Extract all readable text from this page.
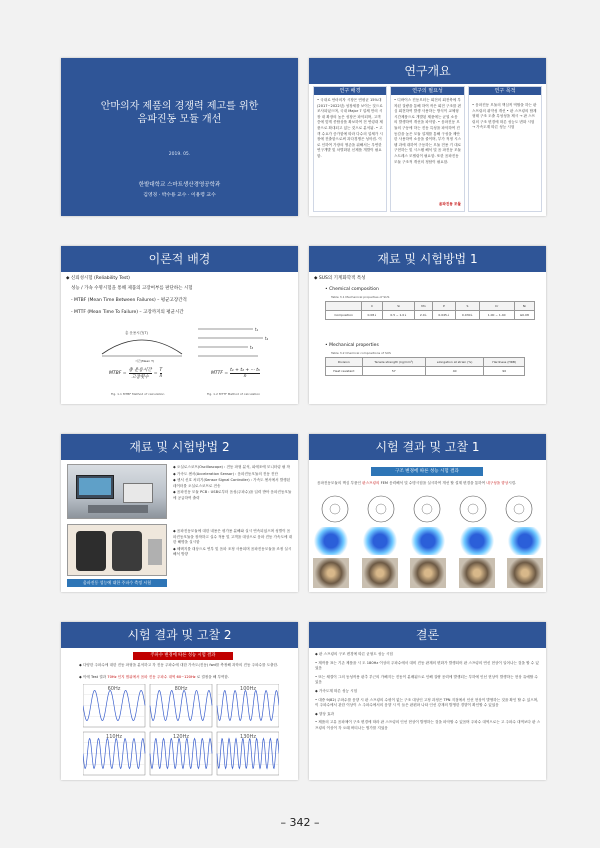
안마의자 제품의 경쟁력 제고를 위한
음파진동 모듈 개선
2019. 05.
한밭대학교 스마트생산경영공학과
김영경 · 박수용 교수 · 이용령 교수
연구개요
연구 배경
• 국내로 안마의자 시장은 연평균 15%대 (2017~2022년) 성장세를 보이는 것으로 조사되었으며, 국내 Major 7 업체 만의 시장 내 확장의 높은 성장은 파악되며, 고객층에 맞게 종합상품 확보하여 전 연령대 제품으로 확대되고 있는 것으로 분석됨. • 고객 수요가 증가함에 따라 다수의 업체가 시장에 진출함으로써 과다경쟁은 성아짐. 이로 인하여 가장의 생존을 위해서는 우연한 연구개발 및 차별화된 신제품 개발이 필요함.
연구의 필요성
• 디바이스 진동모터는 회전의 회전축에 부착된 질량을 통해 하여 작은 회전 구조를 편심 회전하여 발생 사용하는 방식이 교체형 시간제품으로 개발된 제품에는 균열 소음의 발생하여 개선을 파악함. • 음파진동 모듈의 구동에 하는 진동 특성을 파악하여 진동감을 높은 모듈 설계를 통해 구성을 제안한 사용하여 소음을 줄이며, 부가 적정 시스템 과에 대하여 구동하는 모듈 전용 기 대로 구현하는 및 시스템 해석 및 음 파진동 모듈 스트레스 모델링이 필요함. 또한 음파진동 모듈 구조적 개선의 정답이 필요함.
음파진동 모듈
연구 목적
• 음파진동 모듈의 핵심적 역할을 하는 판 스프링의 취약성 개선 • 판 스프링의 합계형태 구조 도출 특성성을 제시 → 판 스프링의 구조 변경에 따른 성능도 변화 시험 → 가속도계 따른 성능 시험
이론적 배경
◆ 신뢰성시험 (Reliability Test)
성능 / 가속 수명시험을 통해 제품의 고장여부를 판단하는 시험
- MTBF (Mean Time Between Failures) – 평균고장간격
- MTTF (Mean Time To Failure) – 고장까지의 평균시간
총 운용시간(T)
시간(Mean T)
t₁
t₂
t₃
MTBF =
총 운용시간
고장횟수
= $\frac{T}{n}$	MTTF = $\frac{\text{t₁ + t₂ + ··· t₅}}{n}$
Fig. 1.1 MTBF Method of calculation	Fig. 1.2 MTTF Method of calculation
재료 및 시험방법 1
◆ SUS의 기계화학적 특성
• Chemical composition
Table 3.1 Mechanical properties of SUS
	C	Si	Mn	P	S	Cr	Ni
Composition	0.08↓	0.5 ~ 1.0↓	2.0↓	0.045↓	0.030↓	1.00 ~ 1.40	≤0.08
• Mechanical properties
Table 3.2 Chemical compositions of SUS
Division	Tensile strength (kg/mm²)	elongation at strain (%)	Hardness (HRB)
Heat resistant	57	40	90
재료 및 시험방법 2
음파진동 성능에 대한 주파수 측정 시험
◆ 오실로스코프(Oscilloscope) : 전동 파형 분석, 피에조에 모니터링 필 착
◆ 가속도 센서(Acceleration Sensor) : 음파진동모듈의 진동 진단
◆ 센서 신호 처리기(Sensor Signal Controller) : 가속도 센서에서 발생된 데이터를 오실로스코프로 전송
◆ 음파진동 모듈 PCB : USB로부터 음성(주파수)을 입력 받아 음파진동모듈에 공급하여 출력
◆ 음파진동모듈에 대한 내용은 평가용 분해와 실시 연속되었으며 성별이 음파진동모듈을 장착하고 실수 적용 및 고객을 대상으로 음파 진동 가속도에 대한 해명을 실시함
◆ 혜택지를 대상으로 연부 및 음파 조정 사용되며 음파진동모듈을 조정 실시 해석 방향
시험 결과 및 고찰 1
구조 변경에 따른 성능 시험 결과
음파진동모듈의 핵심 부품인 판스프링의 FEM 응력해석 및 수명시험을 실시하여 개선 할 설계 변경을 통하여 내구성을 향상시킴.
시험 결과 및 고찰 2
주파수 변경에 따른 성능 시험 결과
◆ 다양한 주파수에 대한 진동 파형을 분석하고 각 진동 주파수에 대한 가속도(진동) fwd를 측정해 과학의 진동 주파수를 도출한.
◆ 이에 Test 결과 70Hz 인지 범위에서 음파 진동 주파수 대역 60~120Hz 로 결정을 해 부여함.
60Hz	80Hz	100Hz
110Hz	120Hz	130Hz
결론
◆ 판 스프링의 구조 변경에 따른 균형도 성능 시험
• 재작품 표는 기존 제품을 시 도 180Hz 이상의 주파수에서 대비 진동 판재의 변화가 발생되어 판 스프링의 연신 현상이 일어나는 것을 할 수 있었음
• 또는 채결이 그의 동성작용 판추 부근의 가해지는 진동이 분배됨으로 인해 질량 응력에 발생되는 부하에 인선 현상이 발생하는 현상 유예할 수 있음
◆ 가속도계 따른 성능 시험
• 대중 9(82) 주파수를 음향 시 판 스프링의 수평이 없는 구조 대상인 고정 과정은 TPN 지점에서 인선 현상이 발생하는 것을 확인 할 수 있으며, 이 주파수에서 관한 이상이 스 주파수에서의 음향 시 이 들은 판편파 나타 인선 강재의 발생한 경향이 확인할 수 있었음
◆ 향상 효과
• 제품의 고유 음파채이 구조 변경에 따라 판 스프링의 인선 현상이 발생하는 것을 파악할 수 있음며 주파수 대역으로는 고 주파수 대역보다 판 스프링의 이상이 각 오래 버티나는 범가를 지었음
– 342 –
